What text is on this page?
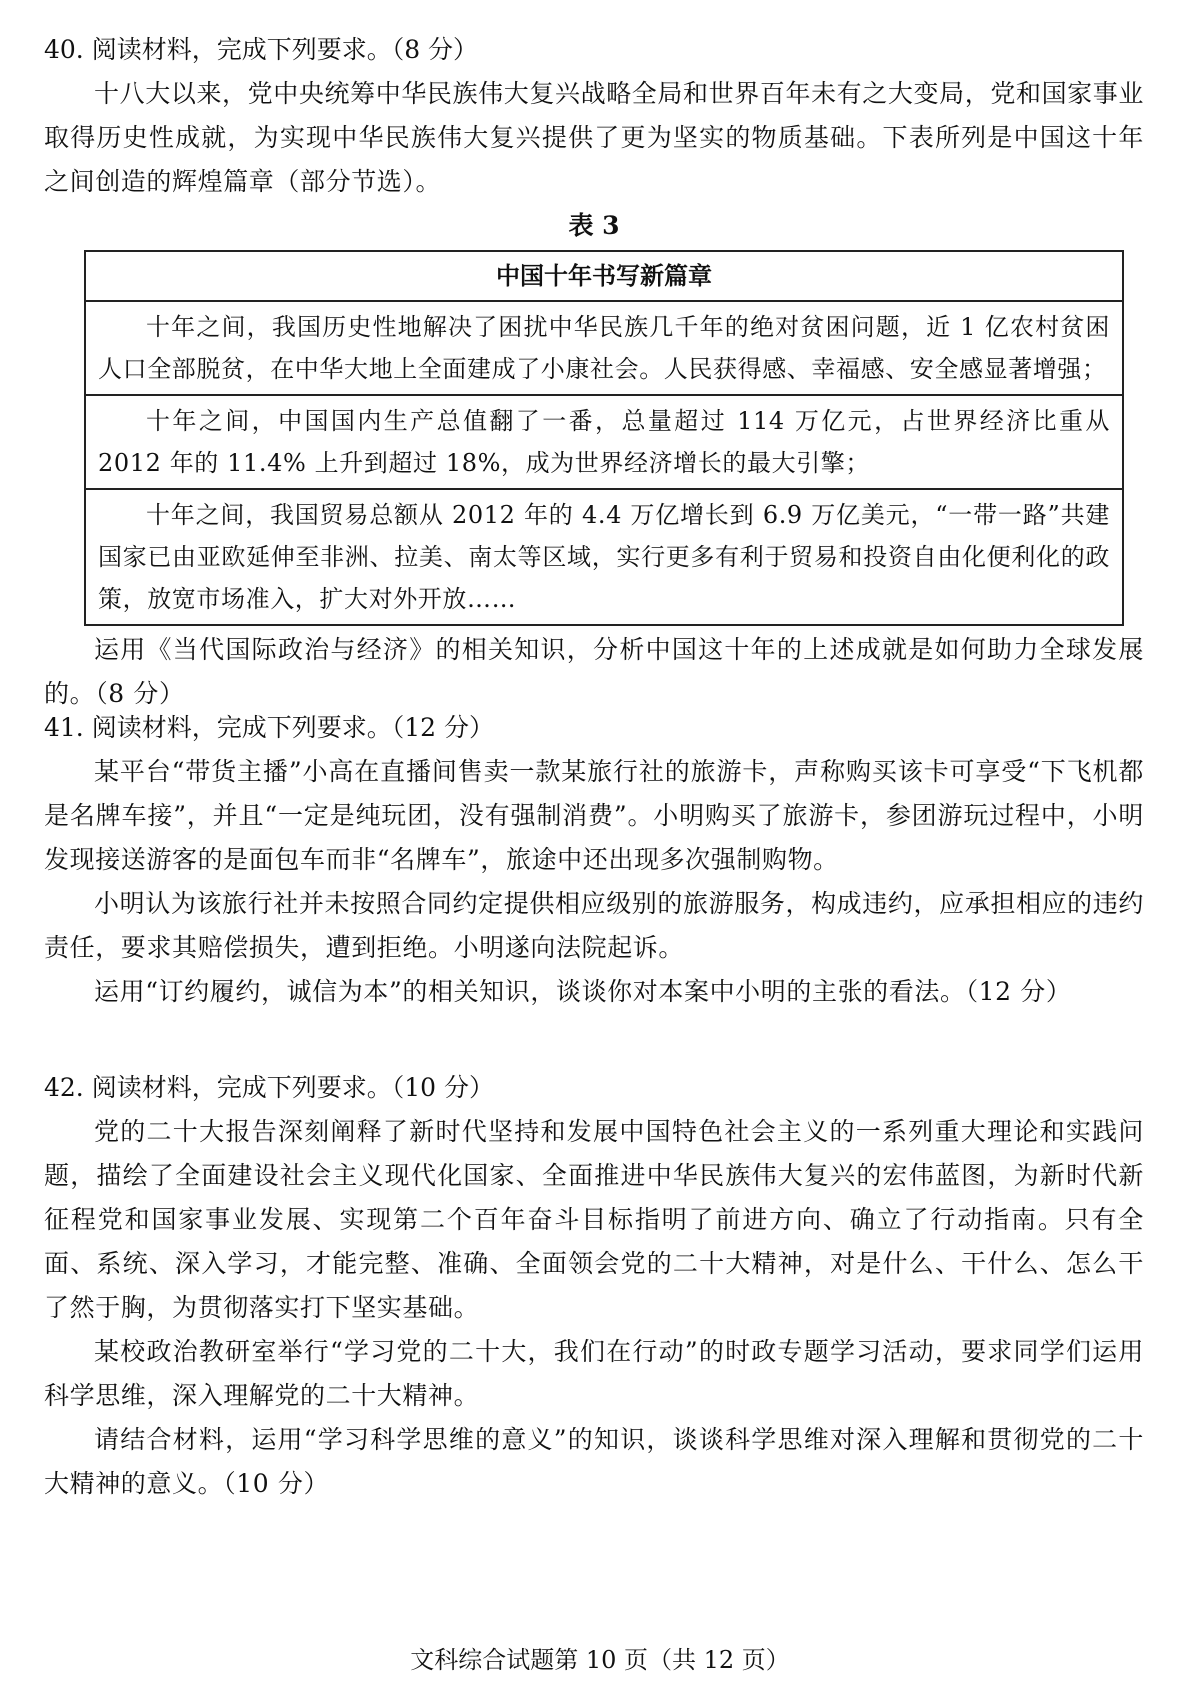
40. 阅读材料，完成下列要求。（8 分）

十八大以来，党中央统筹中华民族伟大复兴战略全局和世界百年未有之大变局，党和国家事业取得历史性成就，为实现中华民族伟大复兴提供了更为坚实的物质基础。下表所列是中国这十年之间创造的辉煌篇章（部分节选）。

表 3

中国十年书写新篇章
十年之间，我国历史性地解决了困扰中华民族几千年的绝对贫困问题，近 1 亿农村贫困人口全部脱贫，在中华大地上全面建成了小康社会。人民获得感、幸福感、安全感显著增强；
十年之间，中国国内生产总值翻了一番，总量超过 114 万亿元，占世界经济比重从 2012 年的 11.4% 上升到超过 18%，成为世界经济增长的最大引擎；
十年之间，我国贸易总额从 2012 年的 4.4 万亿增长到 6.9 万亿美元，“一带一路”共建国家已由亚欧延伸至非洲、拉美、南太等区域，实行更多有利于贸易和投资自由化便利化的政策，放宽市场准入，扩大对外开放……

运用《当代国际政治与经济》的相关知识，分析中国这十年的上述成就是如何助力全球发展的。（8 分）

41. 阅读材料，完成下列要求。（12 分）

某平台“带货主播”小高在直播间售卖一款某旅行社的旅游卡，声称购买该卡可享受“下飞机都是名牌车接”，并且“一定是纯玩团，没有强制消费”。小明购买了旅游卡，参团游玩过程中，小明发现接送游客的是面包车而非“名牌车”，旅途中还出现多次强制购物。

小明认为该旅行社并未按照合同约定提供相应级别的旅游服务，构成违约，应承担相应的违约责任，要求其赔偿损失，遭到拒绝。小明遂向法院起诉。

运用“订约履约，诚信为本”的相关知识，谈谈你对本案中小明的主张的看法。（12 分）

42. 阅读材料，完成下列要求。（10 分）

党的二十大报告深刻阐释了新时代坚持和发展中国特色社会主义的一系列重大理论和实践问题，描绘了全面建设社会主义现代化国家、全面推进中华民族伟大复兴的宏伟蓝图，为新时代新征程党和国家事业发展、实现第二个百年奋斗目标指明了前进方向、确立了行动指南。只有全面、系统、深入学习，才能完整、准确、全面领会党的二十大精神，对是什么、干什么、怎么干了然于胸，为贯彻落实打下坚实基础。

某校政治教研室举行“学习党的二十大，我们在行动”的时政专题学习活动，要求同学们运用科学思维，深入理解党的二十大精神。

请结合材料，运用“学习科学思维的意义”的知识，谈谈科学思维对深入理解和贯彻党的二十大精神的意义。（10 分）

文科综合试题第 10 页（共 12 页）
